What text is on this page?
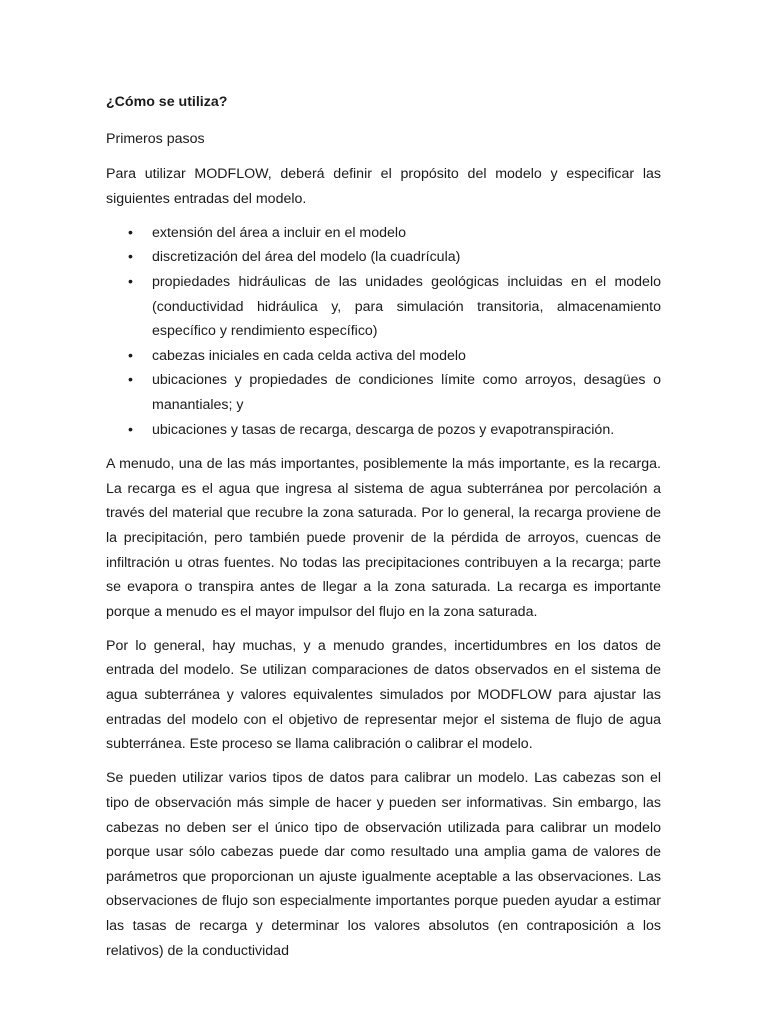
¿Cómo se utiliza?
Primeros pasos

Para utilizar MODFLOW, deberá definir el propósito del modelo y especificar las siguientes entradas del modelo.

• extensión del área a incluir en el modelo
• discretización del área del modelo (la cuadrícula)
• propiedades hidráulicas de las unidades geológicas incluidas en el modelo (conductividad hidráulica y, para simulación transitoria, almacenamiento específico y rendimiento específico)
• cabezas iniciales en cada celda activa del modelo
• ubicaciones y propiedades de condiciones límite como arroyos, desagües o manantiales; y
• ubicaciones y tasas de recarga, descarga de pozos y evapotranspiración.

A menudo, una de las más importantes, posiblemente la más importante, es la recarga. La recarga es el agua que ingresa al sistema de agua subterránea por percolación a través del material que recubre la zona saturada. Por lo general, la recarga proviene de la precipitación, pero también puede provenir de la pérdida de arroyos, cuencas de infiltración u otras fuentes. No todas las precipitaciones contribuyen a la recarga; parte se evapora o transpira antes de llegar a la zona saturada. La recarga es importante porque a menudo es el mayor impulsor del flujo en la zona saturada.

Por lo general, hay muchas, y a menudo grandes, incertidumbres en los datos de entrada del modelo. Se utilizan comparaciones de datos observados en el sistema de agua subterránea y valores equivalentes simulados por MODFLOW para ajustar las entradas del modelo con el objetivo de representar mejor el sistema de flujo de agua subterránea. Este proceso se llama calibración o calibrar el modelo.

Se pueden utilizar varios tipos de datos para calibrar un modelo. Las cabezas son el tipo de observación más simple de hacer y pueden ser informativas. Sin embargo, las cabezas no deben ser el único tipo de observación utilizada para calibrar un modelo porque usar sólo cabezas puede dar como resultado una amplia gama de valores de parámetros que proporcionan un ajuste igualmente aceptable a las observaciones. Las observaciones de flujo son especialmente importantes porque pueden ayudar a estimar las tasas de recarga y determinar los valores absolutos (en contraposición a los relativos) de la conductividad
